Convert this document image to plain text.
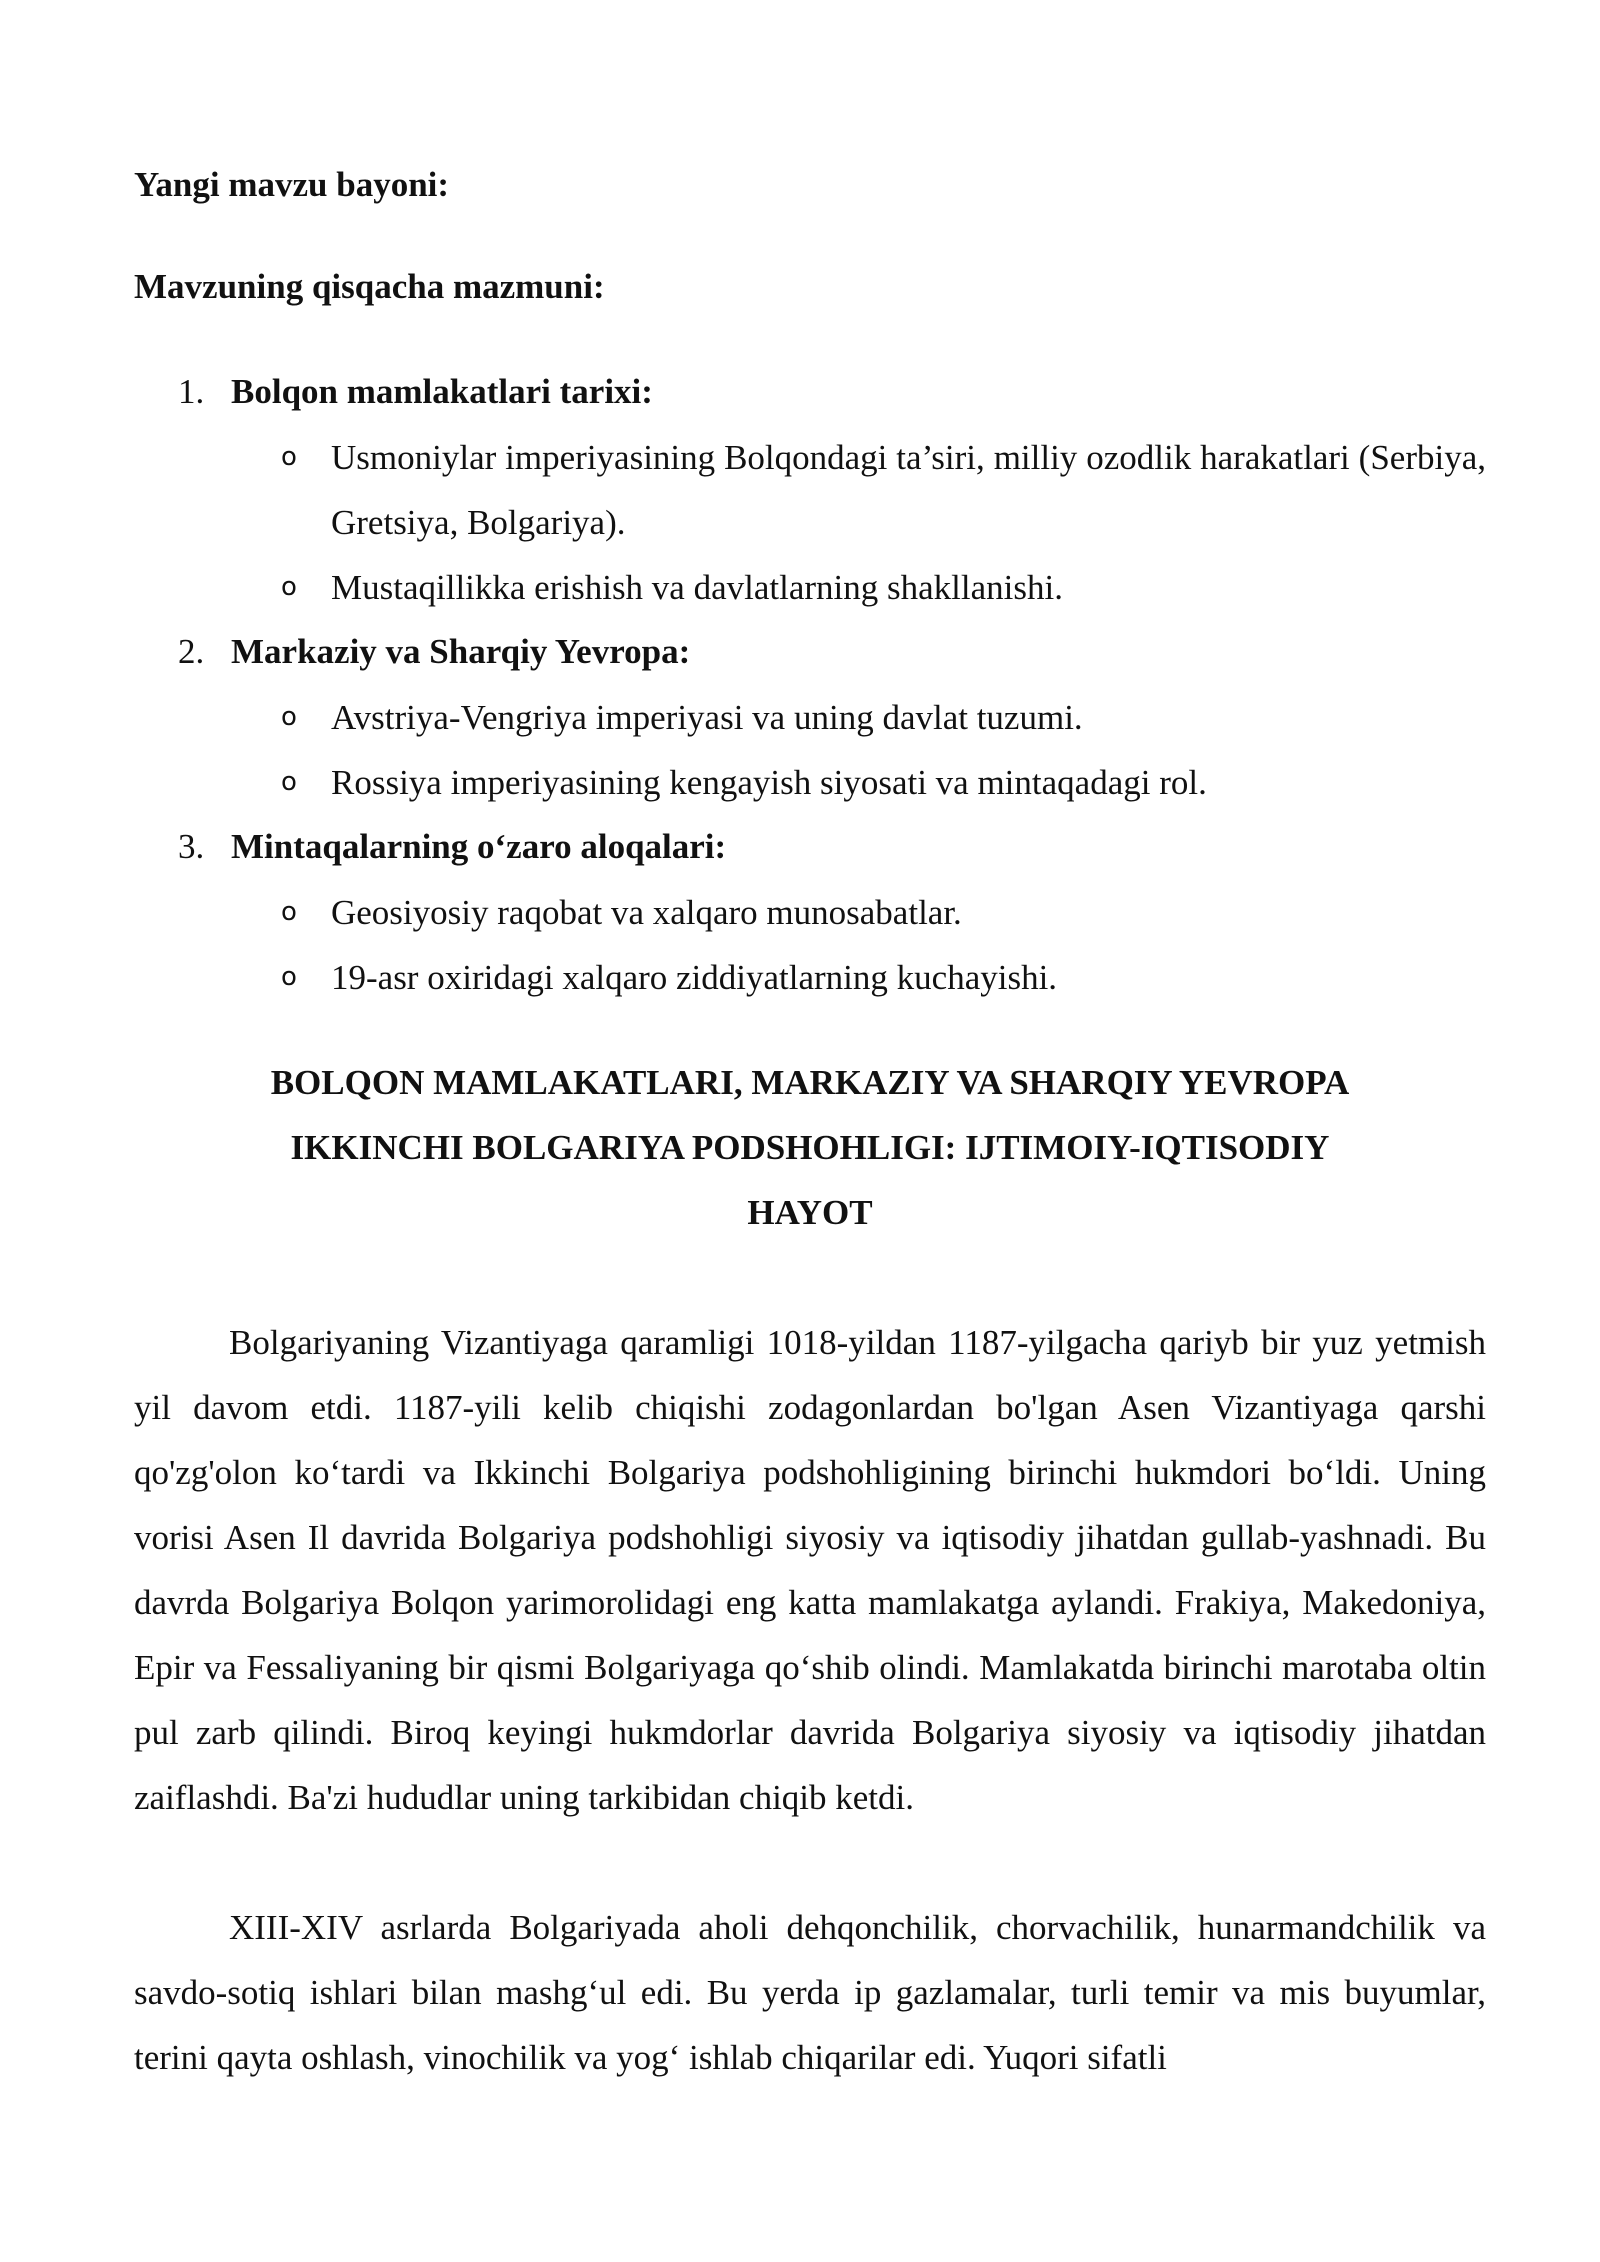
Yangi mavzu bayoni:
Mavzuning qisqacha mazmuni:
1. Bolqon mamlakatlari tarixi:
o Usmoniylar imperiyasining Bolqondagi ta’siri, milliy ozodlik harakatlari (Serbiya, Gretsiya, Bolgariya).
o Mustaqillikka erishish va davlatlarning shakllanishi.
2. Markaziy va Sharqiy Yevropa:
o Avstriya-Vengriya imperiyasi va uning davlat tuzumi.
o Rossiya imperiyasining kengayish siyosati va mintaqadagi rol.
3. Mintaqalarning o‘zaro aloqalari:
o Geosiyosiy raqobat va xalqaro munosabatlar.
o 19-asr oxiridagi xalqaro ziddiyatlarning kuchayishi.
BOLQON MAMLAKATLARI, MARKAZIY VA SHARQIY YEVROPA
IKKINCHI BOLGARIYA PODSHOHLIGI: IJTIMOIY-IQTISODIY
HAYOT

Bolgariyaning Vizantiyaga qaramligi 1018-yildan 1187-yilgacha qariyb bir yuz yetmish yil davom etdi. 1187-yili kelib chiqishi zodagonlardan bo'lgan Asen Vizantiyaga qarshi qo'zg'olon ko‘tardi va Ikkinchi Bolgariya podshohligining birinchi hukmdori bo‘ldi. Uning vorisi Asen Il davrida Bolgariya podshohligi siyosiy va iqtisodiy jihatdan gullab-yashnadi. Bu davrda Bolgariya Bolqon yarimorolidagi eng katta mamlakatga aylandi. Frakiya, Makedoniya, Epir va Fessaliyaning bir qismi Bolgariyaga qo‘shib olindi. Mamlakatda birinchi marotaba oltin pul zarb qilindi. Biroq keyingi hukmdorlar davrida Bolgariya siyosiy va iqtisodiy jihatdan zaiflashdi. Ba'zi hududlar uning tarkibidan chiqib ketdi.

XIII-XIV asrlarda Bolgariyada aholi dehqonchilik, chorvachilik, hunarmandchilik va savdo-sotiq ishlari bilan mashg‘ul edi. Bu yerda ip gazlamalar, turli temir va mis buyumlar, terini qayta oshlash, vinochilik va yog‘ ishlab chiqarilar edi. Yuqori sifatli
